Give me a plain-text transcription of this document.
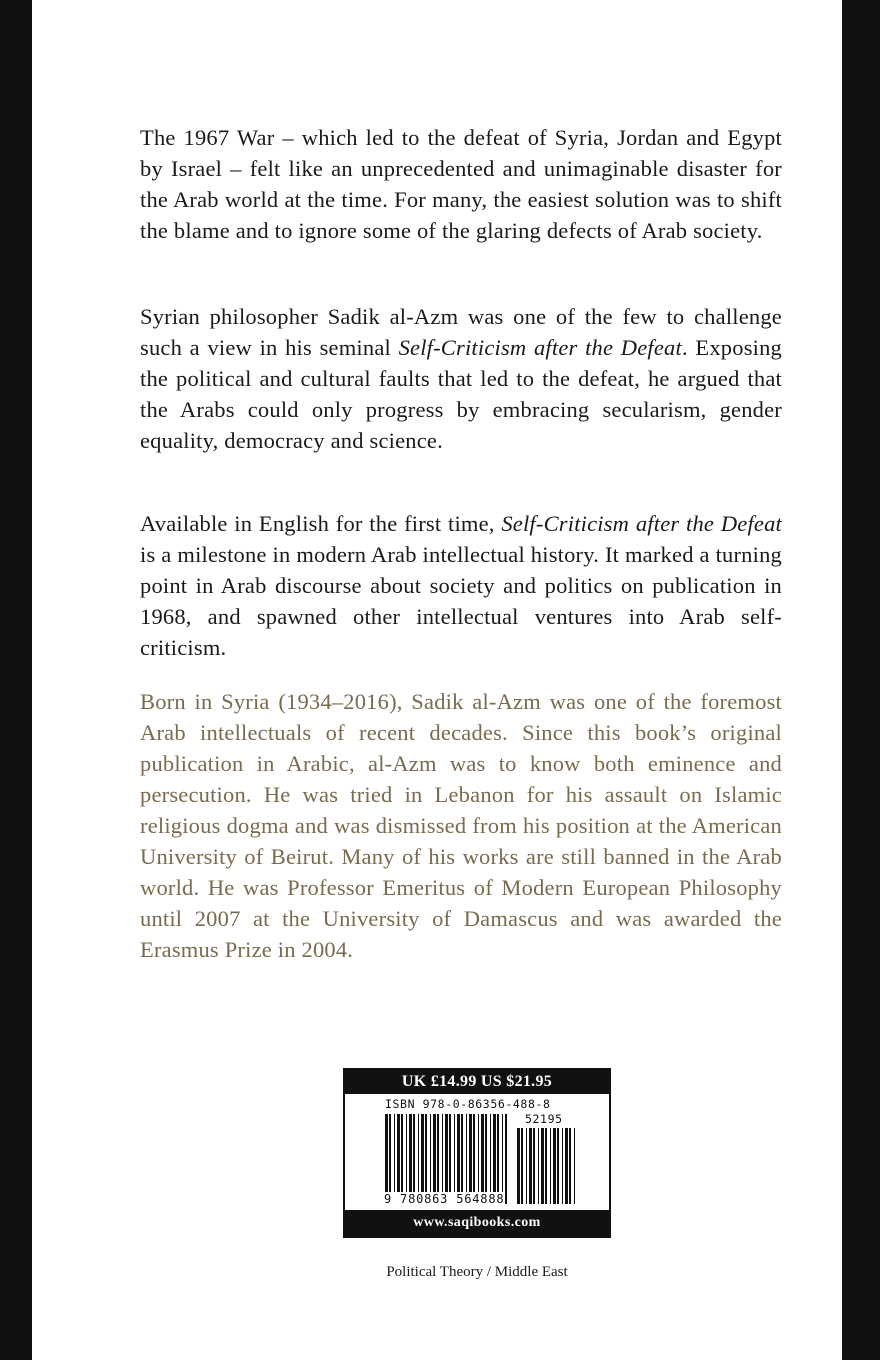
The 1967 War – which led to the defeat of Syria, Jordan and Egypt by Israel – felt like an unprecedented and unimaginable disaster for the Arab world at the time. For many, the easiest solution was to shift the blame and to ignore some of the glaring defects of Arab society.

Syrian philosopher Sadik al-Azm was one of the few to challenge such a view in his seminal Self-Criticism after the Defeat. Exposing the political and cultural faults that led to the defeat, he argued that the Arabs could only progress by embracing secularism, gender equality, democracy and science.

Available in English for the first time, Self-Criticism after the Defeat is a milestone in modern Arab intellectual history. It marked a turning point in Arab discourse about society and politics on publication in 1968, and spawned other intellectual ventures into Arab self-criticism.

Born in Syria (1934–2016), Sadik al-Azm was one of the foremost Arab intellectuals of recent decades. Since this book’s original publication in Arabic, al-Azm was to know both eminence and persecution. He was tried in Lebanon for his assault on Islamic religious dogma and was dismissed from his position at the American University of Beirut. Many of his works are still banned in the Arab world. He was Professor Emeritus of Modern European Philosophy until 2007 at the University of Damascus and was awarded the Erasmus Prize in 2004.

UK £14.99 US $21.95
ISBN 978-0-86356-488-8
52195
9 780863 564888
www.saqibooks.com
Political Theory / Middle East
